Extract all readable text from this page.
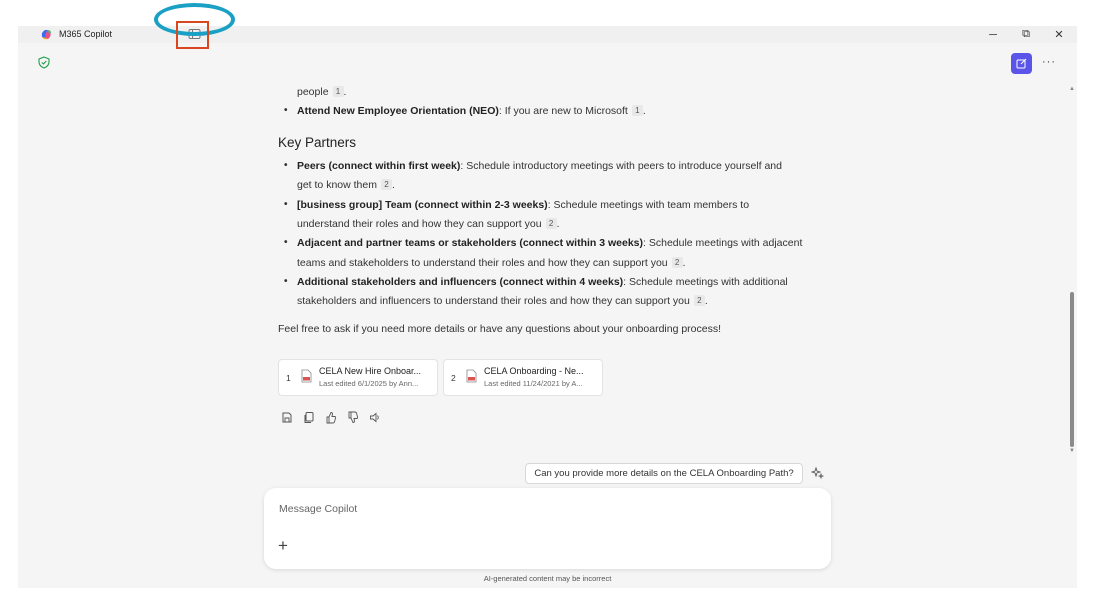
M365 Copilot	─	⧉	✕
···
people 1 .
• Attend New Employee Orientation (NEO): If you are new to Microsoft 1 .
Key Partners
• Peers (connect within first week): Schedule introductory meetings with peers to introduce yourself and
get to know them 2 .
• [business group] Team (connect within 2-3 weeks): Schedule meetings with team members to
understand their roles and how they can support you 2 .
• Adjacent and partner teams or stakeholders (connect within 3 weeks): Schedule meetings with adjacent
teams and stakeholders to understand their roles and how they can support you 2 .
• Additional stakeholders and influencers (connect within 4 weeks): Schedule meetings with additional
stakeholders and influencers to understand their roles and how they can support you 2 .
Feel free to ask if you need more details or have any questions about your onboarding process!
1
CELA New Hire Onboar...
Last edited 6/1/2025 by Ann...
2
CELA Onboarding - Ne...
Last edited 11/24/2021 by A...
Can you provide more details on the CELA Onboarding Path?
Message Copilot
+
AI-generated content may be incorrect
▲
▼
